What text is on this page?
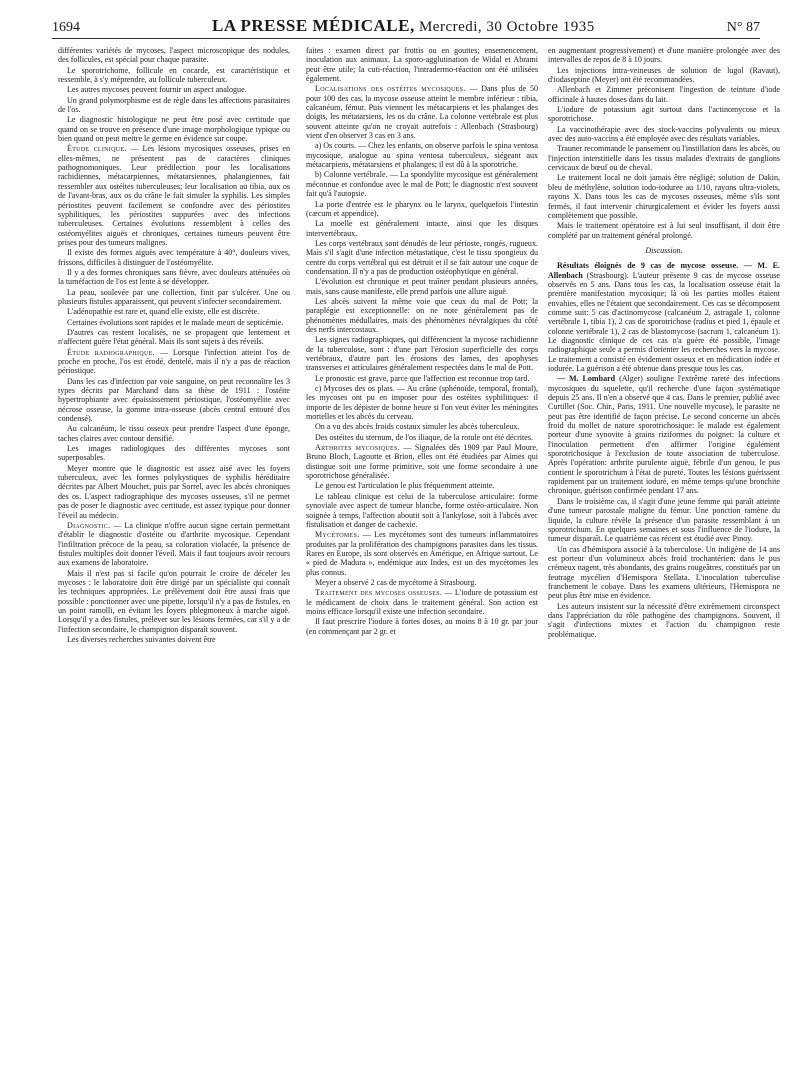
1694	LA PRESSE MÉDICALE, Mercredi, 30 Octobre 1935	N° 87

différentes variétés de mycoses, l'aspect microscopique des nodules, des follicules, est spécial pour chaque parasite.

Le sporotrichome, follicule en cocarde, est caractéristique et ressemble, à s'y méprendre, au follicule tuberculeux.

Les autres mycoses peuvent fournir un aspect analogue.

Un grand polymorphisme est de règle dans les affections parasitaires de l'os.

Le diagnostic histologique ne peut être posé avec certitude que quand on se trouve en présence d'une image morphologique typique ou bien quand on peut mettre le germe en évidence sur coupe.

Étude clinique. — Les lésions mycosiques osseuses, prises en elles-mêmes, ne présentent pas de caractères cliniques pathognomoniques. Leur prédilection pour les localisations rachidiennes, métacarpiennes, métatarsiennes, phalangiennes, fait ressembler aux ostéites tuberculeuses; leur localisation au tibia, aux os de l'avant-bras, aux os du crâne le fait simuler la syphilis. Les simples périostites peuvent facilement se confondre avec des périostites syphilitiques, les périostites suppurées avec des infections tuberculeuses. Certaines évolutions ressemblent à celles des ostéomyélites aiguës et chroniques, certaines tumeurs peuvent être prises pour des tumeurs malignes.

Il existe des formes aiguës avec température à 40°, douleurs vives, frissons, difficiles à distinguer de l'ostéomyélite.

Il y a des formes chroniques sans fièvre, avec douleurs atténuées où la tuméfaction de l'os est lente à se développer.

La peau, soulevée par une collection, finit par s'ulcérer. Une ou plusieurs fistules apparaissent, qui peuvent s'infecter secondairement.

L'adénopathie est rare et, quand elle existe, elle est discrète.

Certaines évolutions sont rapides et le malade meurt de septicémie.

D'autres cas restent localisés, ne se propagent que lentement et n'affectent guère l'état général. Mais ils sont sujets à des réveils.

Étude radiographique. — Lorsque l'infection atteint l'os de proche en proche, l'os est érodé, dentelé, mais il n'y a pas de réaction périostique.

Dans les cas d'infection par voie sanguine, on peut reconnaître les 3 types décrits par Marchand dans sa thèse de 1911 : l'ostéite hypertrophiante avec épaississement périostique, l'ostéomyélite avec nécrose osseuse, la gomme intra-osseuse (abcès central entouré d'os condensé).

Au calcanéum, le tissu osseux peut prendre l'aspect d'une éponge, taches claires avec contour densifié.

Les images radiologiques des différentes mycoses sont superposables.

Meyer montre que le diagnostic est assez aisé avec les foyers tuberculeux, avec les formes polykystiques de syphilis héréditaire décrites par Albert Mouchet, puis par Sorrel, avec les abcès chroniques des os. L'aspect radiographique des mycoses osseuses, s'il ne permet pas de poser le diagnostic avec certitude, est assez typique pour donner l'éveil au médecin.

Diagnostic. — La clinique n'offre aucun signe certain permettant d'établir le diagnostic d'ostéite ou d'arthrite mycosique. Cependant l'infiltration précoce de la peau, sa coloration violacée, la présence de fistules multiples doit donner l'éveil. Mais il faut toujours avoir recours aux examens de laboratoire.

Mais il n'est pas si facile qu'on pourrait le croire de déceler les mycoses : le laboratoire doit être dirigé par un spécialiste qui connaît les techniques appropriées. Le prélèvement doit être aussi frais que possible : ponctionner avec une pipette, lorsqu'il n'y a pas de fistules, en un point ramolli, en évitant les foyers phlegmoneux à marche aiguë. Lorsqu'il y a des fistules, prélever sur les lésions fermées, car s'il y a de l'infection secondaire, le champignon disparaît souvent.

Les diverses recherches suivantes doivent être

faites : examen direct par frottis ou en gouttes; ensemencement, inoculation aux animaux. La sporo-agglutination de Widal et Abrami peut être utile; la cuti-réaction, l'intradermo-réaction ont été utilisées également.

Localisations des ostéites mycosiques. — Dans plus de 50 pour 100 des cas, la mycose osseuse atteint le membre inférieur : tibia, calcanéum, fémur. Puis viennent les métacarpiens et les phalanges des doigts, les métatarsiens, les os du crâne. La colonne vertébrale est plus souvent atteinte qu'on ne croyait autrefois : Allenbach (Strasbourg) vient d'en observer 3 cas en 3 ans.

a) Os courts. — Chez les enfants, on observe parfois le spina ventosa mycosique, analogue au spina ventosa tuberculeux, siégeant aux métacarpiens, métatarsiens et phalanges; il est dû à la sporotriche.

b) Colonne vertébrale. — La spondylite mycosique est généralement méconnue et confondue avec le mal de Pott; le diagnostic n'est souvent fait qu'à l'autopsie.

La porte d'entrée est le pharynx ou le larynx, quelquefois l'intestin (cæcum et appendice).

La moelle est généralement intacte, ainsi que les disques intervertébraux.

Les corps vertébraux sont dénudés de leur périoste, rongés, rugueux. Mais s'il s'agit d'une infection métastatique, c'est le tissu spongieux du centre du corps vertébral qui est détruit et il se fait autour une coque de condensation. Il n'y a pas de production ostéophytique en général.

L'évolution est chronique et peut traîner pendant plusieurs années, mais, sans cause manifeste, elle prend parfois une allure aiguë.

Les abcès suivent la même voie que ceux du mal de Pott; la paraplégie est exceptionnelle: on ne note généralement pas de phénomènes médullaires, mais des phénomènes névralgiques du côté des nerfs intercostaux.

Les signes radiographiques, qui différencient la mycose rachidienne de la tuberculose, sont : d'une part l'érosion superficielle des corps vertébraux, d'autre part les érosions des lames, des apophyses transverses et articulaires généralement respectées dans le mal de Pott.

Le pronostic est grave, parce que l'affection est reconnue trop tard.

c) Mycoses des os plats. — Au crâne (sphénoïde, temporal, frontal), les mycoses ont pu en imposer pour des ostéites syphilitiques: il importe de les dépister de bonne heure si l'on veut éviter les méningites mortelles et les abcès du cerveau.

On a vu des abcès froids costaux simuler les abcès tuberculeux.

Des ostéites du sternum, de l'os iliaque, de la rotule ont été décrites.

Arthrites mycosiques. — Signalées dès 1909 par Paul Moure, Bruno Bloch, Lagoutte et Brion, elles ont été étudiées par Aimes qui distingue soit une forme primitive, soit une forme secondaire à une sporotrichose généralisée.

Le genou est l'articulation le plus fréquemment atteinte.

Le tableau clinique est celui de la tuberculose articulaire: forme synoviale avec aspect de tumeur blanche, forme ostéo-articulaire. Non soignée à temps, l'affection aboutit soit à l'ankylose, soit à l'abcès avec fistulisation et danger de cachexie.

Mycétomes. — Les mycétomes sont des tumeurs inflammatoires produites par la prolifération des champignons parasites dans les tissus. Rares en Europe, ils sont observés en Amérique, en Afrique surtout. Le « pied de Madura », endémique aux Indes, est un des mycétomes les plus connus.

Meyer a observé 2 cas de mycétome à Strasbourg.

Traitement des mycoses osseuses. — L'iodure de potassium est le médicament de choix dans le traitement général. Son action est moins efficace lorsqu'il existe une infection secondaire.

Il faut prescrire l'iodure à fortes doses, au moins 8 à 10 gr. par jour (en commençant par 2 gr. et

en augmentant progressivement) et d'une manière prolongée avec des intervalles de repos de 8 à 10 jours.

Les injections intra-veineuses de solution de lugol (Ravaut), d'iodaseptine (Meyer) ont été recommandées.

Allenbach et Zimmer préconisent l'ingestion de teinture d'iode officinale à hautes doses dans du lait.

L'iodure de potassium agit surtout dans l'actinomycose et la sporotrichose.

La vaccinothérapie avec des stock-vaccins polyvalents ou mieux avec des auto-vaccins a été employée avec des résultats variables.

Trauner recommande le pansement ou l'instillation dans les abcès, ou l'injection interstitielle dans les tissus malades d'extraits de ganglions cervicaux de bœuf ou de cheval.

Le traitement local ne doit jamais être négligé; solution de Dakin, bleu de méthylène, solution iodo-ioduree au 1/10, rayons ultra-violets, rayons X. Dans tous les cas de mycoses osseuses, même s'ils sont fermés, il faut intervenir chirurgicalement et évider les foyers aussi complètement que possible.

Mais le traitement opératoire est à lui seul insuffisant, il doit être complété par un traitement général prolongé.

Discussion.

Résultats éloignés de 9 cas de mycose osseuse. — M. E. Allenbach (Strasbourg). L'auteur présente 9 cas de mycose osseuse observés en 5 ans. Dans tous les cas, la localisation osseuse était la première manifestation mycosique; là où les parties molles étaient envahies, elles ne l'étaient que secondairement. Ces cas se décomposent comme suit: 5 cas d'actinomycose (calcanéum 2, astragale 1, colonne vertébrale 1, tibia 1), 2 cas de sporotrichose (radius et pied 1, épaule et colonne vertébrale 1), 2 cas de blastomycose (sacrum 1, calcanéum 1). Le diagnostic clinique de ces cas n'a guère été possible, l'image radiographique seule a permis d'orienter les recherches vers la mycose. Le traitement a consisté en évidement osseux et en médication iodée et iodurée. La guérison a été obtenue dans presque tous les cas.

— M. Lombard (Alger) souligne l'extrême rareté des infections mycosiques du squelette, qu'il recherche d'une façon systématique depuis 25 ans. Il n'en a observé que 4 cas. Dans le premier, publié avec Curtillet (Soc. Chir., Paris, 1911. Une nouvelle mycose), le parasite ne peut pas être identifié de façon précise. Le second concerne un abcès froid du mollet de nature sporotrichosique: le malade est également porteur d'une synovite à grains riziformes du poignet: la culture et l'inoculation permettent d'en affirmer l'origine également sporotrichosique à l'exclusion de toute association de tuberculose. Après l'opération: arthrite purulente aiguë, fébrile d'un genou, le pus contient le sporotrichum à l'état de pureté. Toutes les lésions guérissent rapidement par un traitement ioduré, en même temps qu'une bronchite chronique, guérison confirmée pendant 17 ans.

Dans le troisième cas, il s'agit d'une jeune femme qui paraît atteinte d'une tumeur parostale maligne du fémur. Une ponction ramène du liquide, la culture révèle la présence d'un parasite ressemblant à un sporotrichum. En quelques semaines et sous l'influence de l'iodure, la tumeur disparaît. Le quatrième cas récent est étudié avec Pinoy.

Un cas d'hémispora associé à la tuberculose. Un indigène de 14 ans est porteur d'un volumineux abcès froid trochantérien: dans le pus crémeux nagent, très abondants, des grains rougeâtres, constitués par un feutrage mycélien d'Hemispora Stellata. L'inoculation tuberculise franchement le cobaye. Dans les examens ultérieurs, l'Hemispora ne peut plus être mise en évidence.

Les auteurs insistent sur la nécessité d'être extrêmement circonspect dans l'appréciation du rôle pathogène des champignons. Souvent, il s'agit d'infections mixtes et l'action du champignon reste problématique.
